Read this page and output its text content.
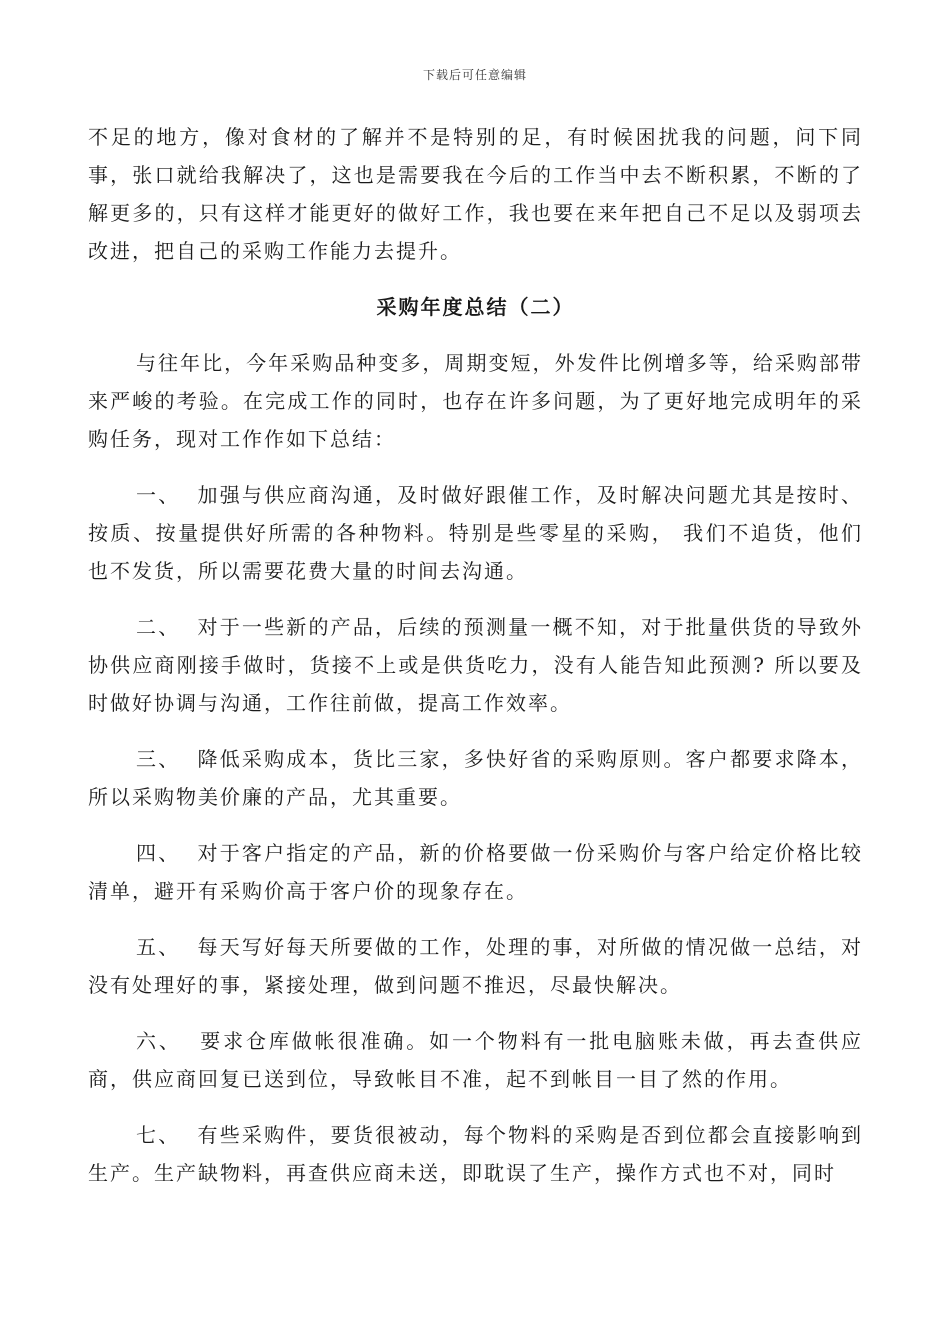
下载后可任意编辑

不足的地方，像对食材的了解并不是特别的足，有时候困扰我的问题，问下同事，张口就给我解决了，这也是需要我在今后的工作当中去不断积累，不断的了解更多的，只有这样才能更好的做好工作，我也要在来年把自己不足以及弱项去改进，把自己的采购工作能力去提升。

采购年度总结（二）

与往年比，今年采购品种变多，周期变短，外发件比例增多等，给采购部带来严峻的考验。在完成工作的同时，也存在许多问题，为了更好地完成明年的采购任务，现对工作作如下总结：

一、 加强与供应商沟通，及时做好跟催工作，及时解决问题尤其是按时、按质、按量提供好所需的各种物料。特别是些零星的采购， 我们不追货，他们也不发货，所以需要花费大量的时间去沟通。

二、 对于一些新的产品，后续的预测量一概不知，对于批量供货的导致外协供应商刚接手做时，货接不上或是供货吃力，没有人能告知此预测? 所以要及时做好协调与沟通，工作往前做，提高工作效率。

三、 降低采购成本，货比三家，多快好省的采购原则。客户都要求降本，所以采购物美价廉的产品，尤其重要。

四、 对于客户指定的产品，新的价格要做一份采购价与客户给定价格比较清单，避开有采购价高于客户价的现象存在。

五、 每天写好每天所要做的工作，处理的事，对所做的情况做一总结，对没有处理好的事，紧接处理，做到问题不推迟，尽最快解决。

六、 要求仓库做帐很准确。如一个物料有一批电脑账未做，再去查供应商，供应商回复已送到位，导致帐目不准，起不到帐目一目了然的作用。

七、 有些采购件，要货很被动，每个物料的采购是否到位都会直接影响到生产。生产缺物料，再查供应商未送，即耽误了生产，操作方式也不对，同时
